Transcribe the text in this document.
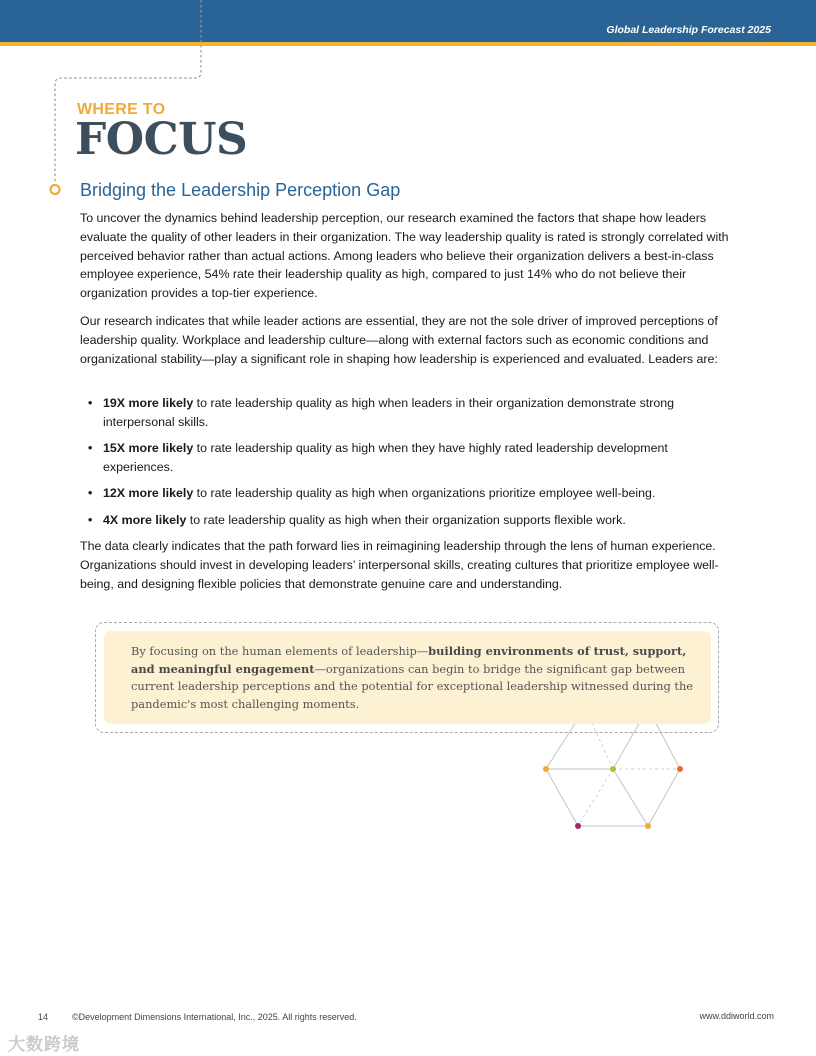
Global Leadership Forecast 2025
WHERE TO
FOCUS
Bridging the Leadership Perception Gap

To uncover the dynamics behind leadership perception, our research examined the factors that shape how leaders evaluate the quality of other leaders in their organization. The way leadership quality is rated is strongly correlated with perceived behavior rather than actual actions. Among leaders who believe their organization delivers a best-in-class employee experience, 54% rate their leadership quality as high, compared to just 14% who do not believe their organization provides a top-tier experience.

Our research indicates that while leader actions are essential, they are not the sole driver of improved perceptions of leadership quality. Workplace and leadership culture—along with external factors such as economic conditions and organizational stability—play a significant role in shaping how leadership is experienced and evaluated. Leaders are:

• 19X more likely to rate leadership quality as high when leaders in their organization demonstrate strong interpersonal skills.
• 15X more likely to rate leadership quality as high when they have highly rated leadership development experiences.
• 12X more likely to rate leadership quality as high when organizations prioritize employee well-being.
• 4X more likely to rate leadership quality as high when their organization supports flexible work.

The data clearly indicates that the path forward lies in reimagining leadership through the lens of human experience. Organizations should invest in developing leaders’ interpersonal skills, creating cultures that prioritize employee well-being, and designing flexible policies that demonstrate genuine care and understanding.

By focusing on the human elements of leadership—building environments of trust, support, and meaningful engagement—organizations can begin to bridge the significant gap between current leadership perceptions and the potential for exceptional leadership witnessed during the pandemic's most challenging moments.

14	©Development Dimensions International, Inc., 2025. All rights reserved.	www.ddiworld.com
大数跨境
